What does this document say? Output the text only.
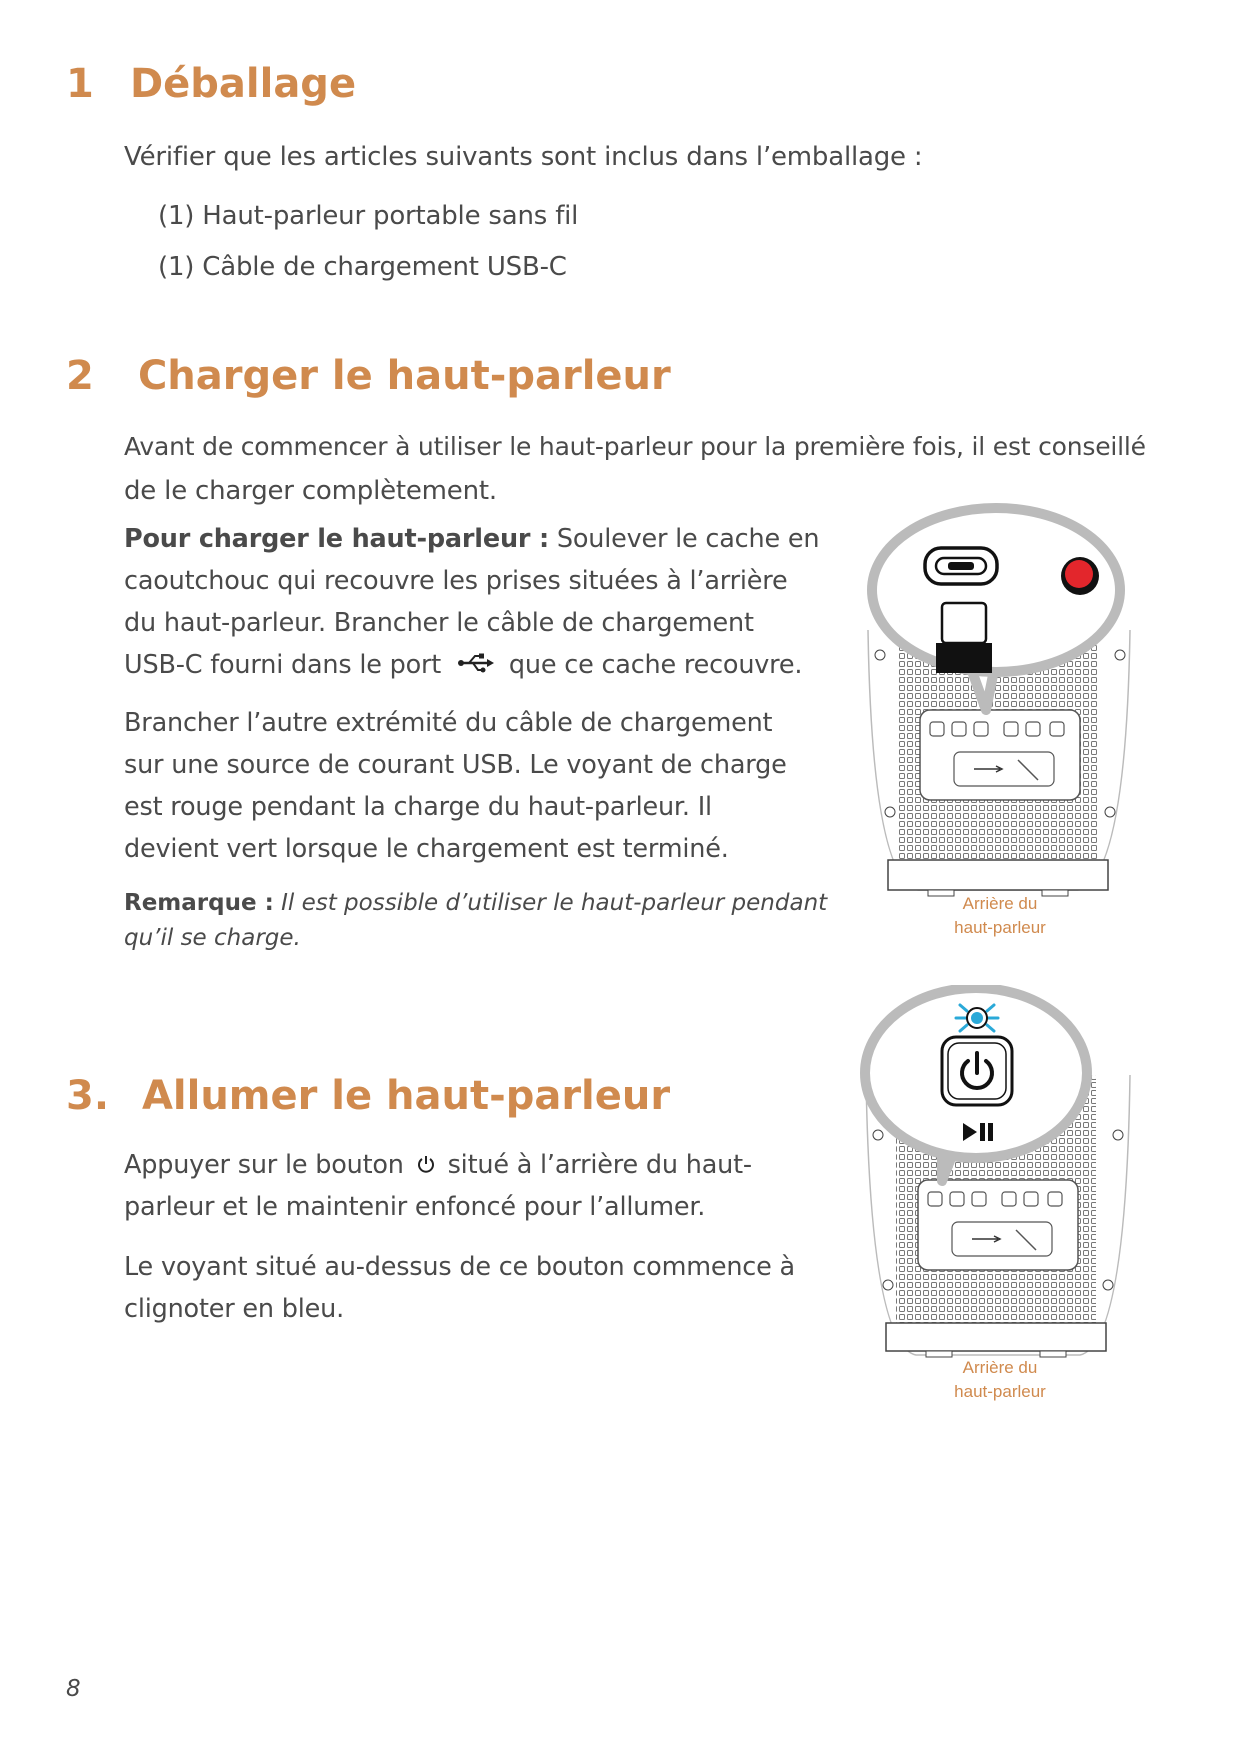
1 Déballage

Vérifier que les articles suivants sont inclus dans l’emballage :

(1) Haut-parleur portable sans fil

(1) Câble de chargement USB-C

2 Charger le haut-parleur

Avant de commencer à utiliser le haut-parleur pour la première fois, il est conseillé

de le charger complètement.

Pour charger le haut-parleur : Soulever le cache en
caoutchouc qui recouvre les prises situées à l’arrière
du haut-parleur. Brancher le câble de chargement
USB-C fourni dans le port  que ce cache recouvre.
Brancher l’autre extrémité du câble de chargement
sur une source de courant USB. Le voyant de charge
est rouge pendant la charge du haut-parleur. Il
devient vert lorsque le chargement est terminé.
Remarque : Il est possible d’utiliser le haut-parleur pendant
qu’il se charge.
Arrière du
haut-parleur
3. Allumer le haut-parleur
Appuyer sur le bouton  situé à l’arrière du haut-
parleur et le maintenir enfoncé pour l’allumer.
Le voyant situé au-dessus de ce bouton commence à
clignoter en bleu.
Arrière du
haut-parleur
8
